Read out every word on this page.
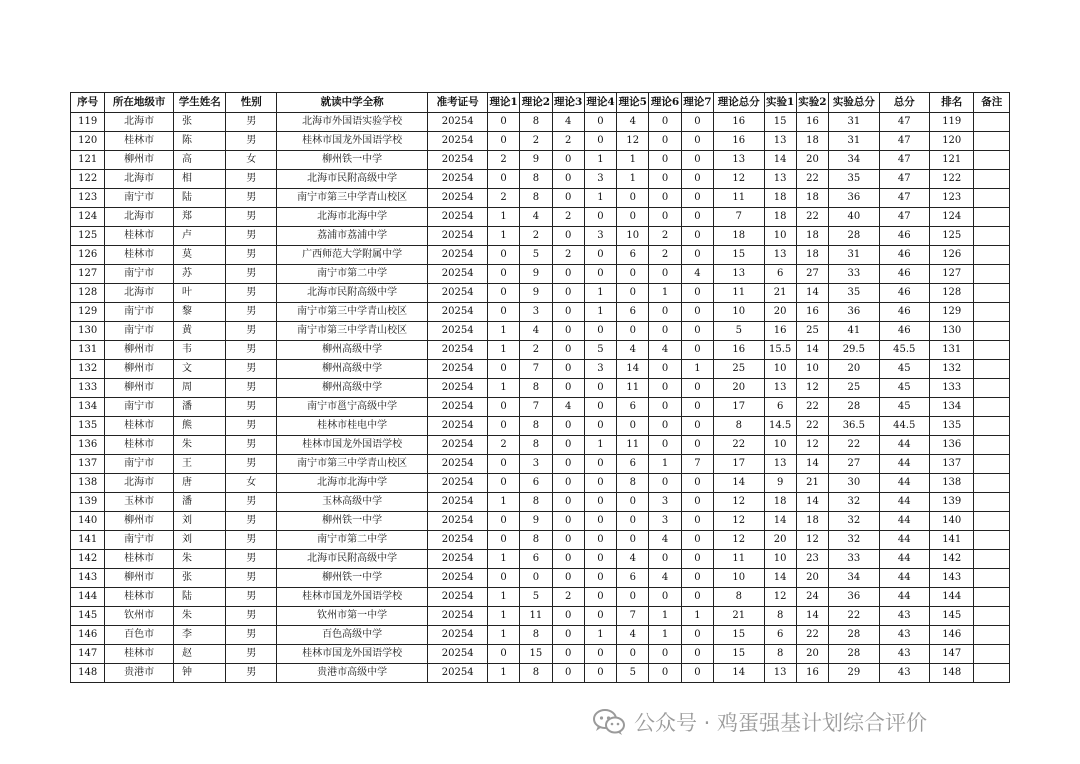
序号	所在地级市	学生姓名	性别	就读中学全称	准考证号	理论1	理论2	理论3	理论4	理论5	理论6	理论7	理论总分	实验1	实验2	实验总分	总分	排名	备注
119	北海市	张	男	北海市外国语实验学校	20254	0	8	4	0	4	0	0	16	15	16	31	47	119	
120	桂林市	陈	男	桂林市国龙外国语学校	20254	0	2	2	0	12	0	0	16	13	18	31	47	120	
121	柳州市	高	女	柳州铁一中学	20254	2	9	0	1	1	0	0	13	14	20	34	47	121	
122	北海市	相	男	北海市民附高级中学	20254	0	8	0	3	1	0	0	12	13	22	35	47	122	
123	南宁市	陆	男	南宁市第三中学青山校区	20254	2	8	0	1	0	0	0	11	18	18	36	47	123	
124	北海市	郑	男	北海市北海中学	20254	1	4	2	0	0	0	0	7	18	22	40	47	124	
125	桂林市	卢	男	荔浦市荔浦中学	20254	1	2	0	3	10	2	0	18	10	18	28	46	125	
126	桂林市	莫	男	广西师范大学附属中学	20254	0	5	2	0	6	2	0	15	13	18	31	46	126	
127	南宁市	苏	男	南宁市第二中学	20254	0	9	0	0	0	0	4	13	6	27	33	46	127	
128	北海市	叶	男	北海市民附高级中学	20254	0	9	0	1	0	1	0	11	21	14	35	46	128	
129	南宁市	黎	男	南宁市第三中学青山校区	20254	0	3	0	1	6	0	0	10	20	16	36	46	129	
130	南宁市	黄	男	南宁市第三中学青山校区	20254	1	4	0	0	0	0	0	5	16	25	41	46	130	
131	柳州市	韦	男	柳州高级中学	20254	1	2	0	5	4	4	0	16	15.5	14	29.5	45.5	131	
132	柳州市	文	男	柳州高级中学	20254	0	7	0	3	14	0	1	25	10	10	20	45	132	
133	柳州市	周	男	柳州高级中学	20254	1	8	0	0	11	0	0	20	13	12	25	45	133	
134	南宁市	潘	男	南宁市邕宁高级中学	20254	0	7	4	0	6	0	0	17	6	22	28	45	134	
135	桂林市	熊	男	桂林市桂电中学	20254	0	8	0	0	0	0	0	8	14.5	22	36.5	44.5	135	
136	桂林市	朱	男	桂林市国龙外国语学校	20254	2	8	0	1	11	0	0	22	10	12	22	44	136	
137	南宁市	王	男	南宁市第三中学青山校区	20254	0	3	0	0	6	1	7	17	13	14	27	44	137	
138	北海市	唐	女	北海市北海中学	20254	0	6	0	0	8	0	0	14	9	21	30	44	138	
139	玉林市	潘	男	玉林高级中学	20254	1	8	0	0	0	3	0	12	18	14	32	44	139	
140	柳州市	刘	男	柳州铁一中学	20254	0	9	0	0	0	3	0	12	14	18	32	44	140	
141	南宁市	刘	男	南宁市第二中学	20254	0	8	0	0	0	4	0	12	20	12	32	44	141	
142	桂林市	朱	男	北海市民附高级中学	20254	1	6	0	0	4	0	0	11	10	23	33	44	142	
143	柳州市	张	男	柳州铁一中学	20254	0	0	0	0	6	4	0	10	14	20	34	44	143	
144	桂林市	陆	男	桂林市国龙外国语学校	20254	1	5	2	0	0	0	0	8	12	24	36	44	144	
145	钦州市	朱	男	钦州市第一中学	20254	1	11	0	0	7	1	1	21	8	14	22	43	145	
146	百色市	李	男	百色高级中学	20254	1	8	0	1	4	1	0	15	6	22	28	43	146	
147	桂林市	赵	男	桂林市国龙外国语学校	20254	0	15	0	0	0	0	0	15	8	20	28	43	147	
148	贵港市	钟	男	贵港市高级中学	20254	1	8	0	0	5	0	0	14	13	16	29	43	148	
公众号 · 鸡蛋强基计划综合评价
